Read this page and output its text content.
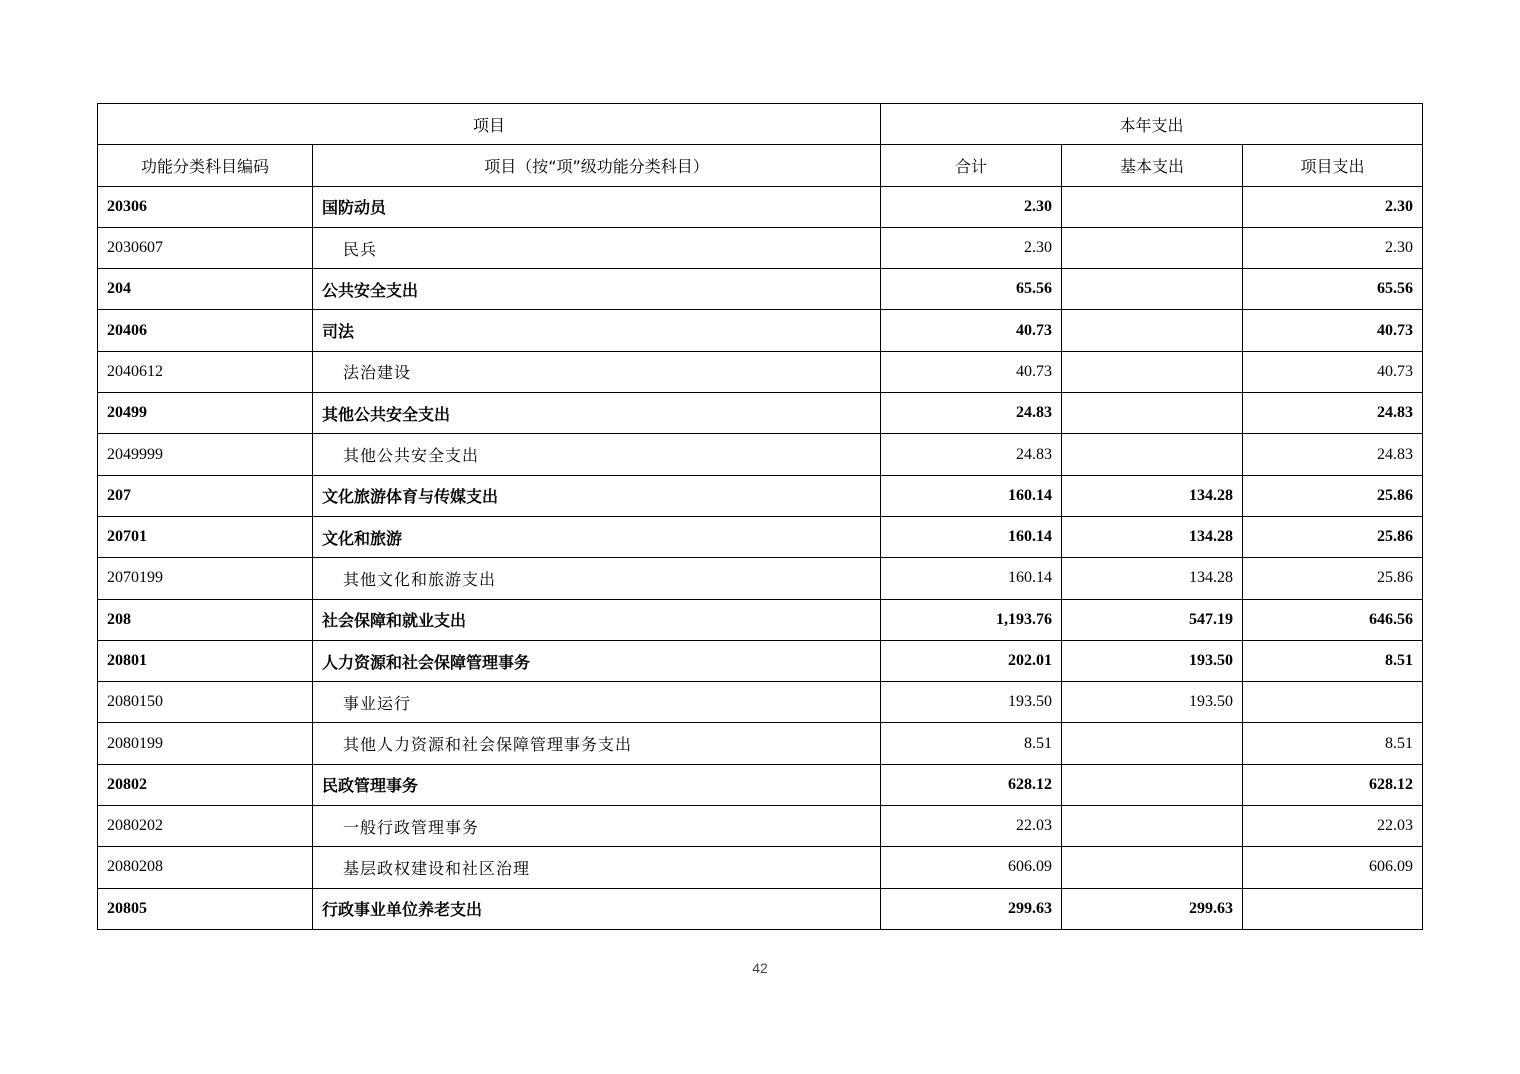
项目		本年支出		
功能分类科目编码	项目（按“项”级功能分类科目）	合计	基本支出	项目支出
20306	国防动员	2.30		2.30
2030607	民兵	2.30		2.30
204	公共安全支出	65.56		65.56
20406	司法	40.73		40.73
2040612	法治建设	40.73		40.73
20499	其他公共安全支出	24.83		24.83
2049999	其他公共安全支出	24.83		24.83
207	文化旅游体育与传媒支出	160.14	134.28	25.86
20701	文化和旅游	160.14	134.28	25.86
2070199	其他文化和旅游支出	160.14	134.28	25.86
208	社会保障和就业支出	1,193.76	547.19	646.56
20801	人力资源和社会保障管理事务	202.01	193.50	8.51
2080150	事业运行	193.50	193.50	
2080199	其他人力资源和社会保障管理事务支出	8.51		8.51
20802	民政管理事务	628.12		628.12
2080202	一般行政管理事务	22.03		22.03
2080208	基层政权建设和社区治理	606.09		606.09
20805	行政事业单位养老支出	299.63	299.63	
42
